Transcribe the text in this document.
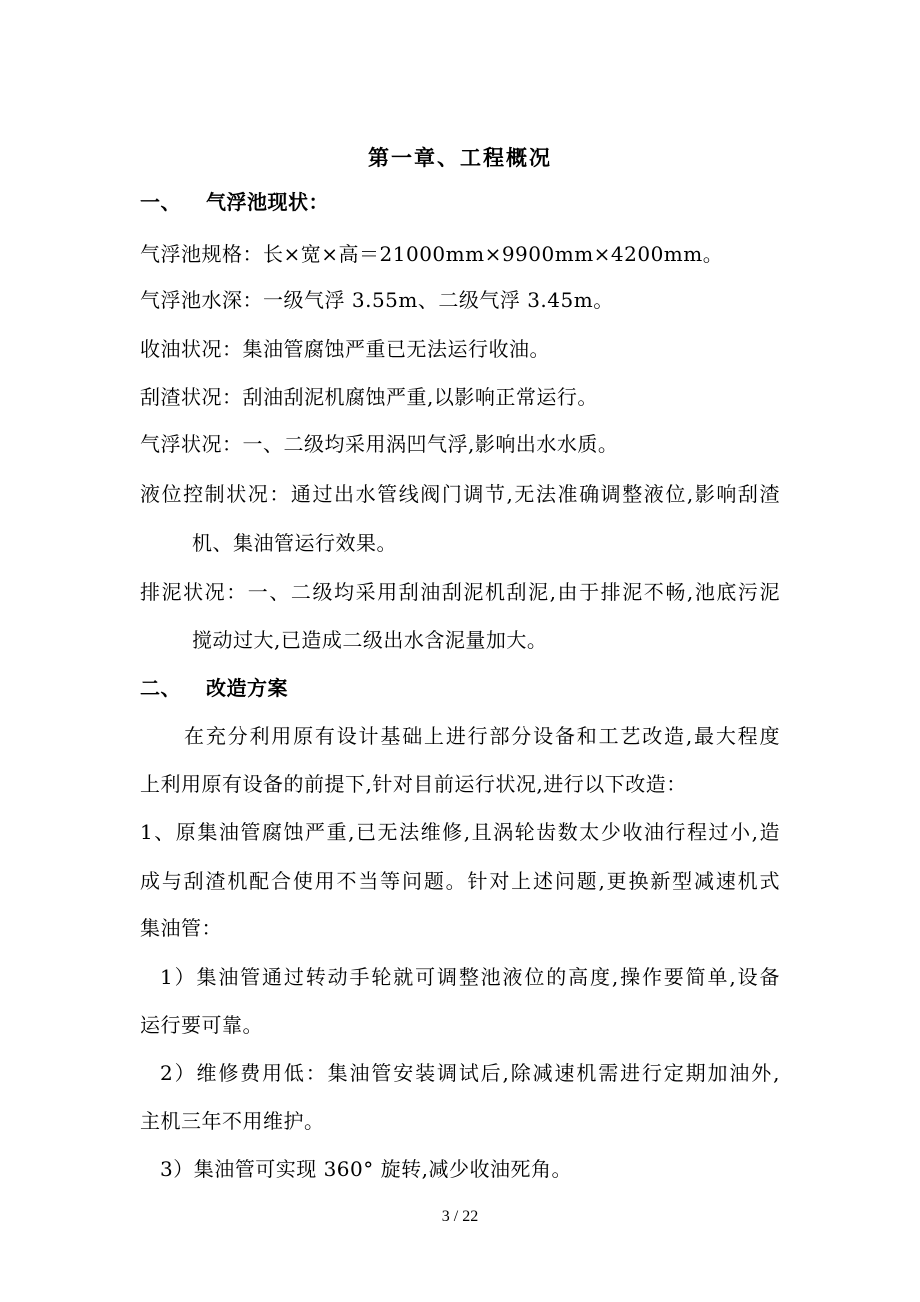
第一章、工程概况
一、 气浮池现状：
气浮池规格：长×宽×高＝21000mm×9900mm×4200mm。
气浮池水深：一级气浮 3.55m、二级气浮 3.45m。
收油状况：集油管腐蚀严重已无法运行收油。
刮渣状况：刮油刮泥机腐蚀严重,以影响正常运行。
气浮状况：一、二级均采用涡凹气浮,影响出水水质。
液位控制状况：通过出水管线阀门调节,无法准确调整液位,影响刮渣
机、集油管运行效果。
排泥状况：一、二级均采用刮油刮泥机刮泥,由于排泥不畅,池底污泥
搅动过大,已造成二级出水含泥量加大。
二、 改造方案
在充分利用原有设计基础上进行部分设备和工艺改造,最大程度
上利用原有设备的前提下,针对目前运行状况,进行以下改造：
1、原集油管腐蚀严重,已无法维修,且涡轮齿数太少收油行程过小,造
成与刮渣机配合使用不当等问题。针对上述问题,更换新型减速机式
集油管：
1）集油管通过转动手轮就可调整池液位的高度,操作要简单,设备
运行要可靠。
2）维修费用低：集油管安装调试后,除减速机需进行定期加油外,
主机三年不用维护。
3）集油管可实现 360° 旋转,减少收油死角。
3 / 22
